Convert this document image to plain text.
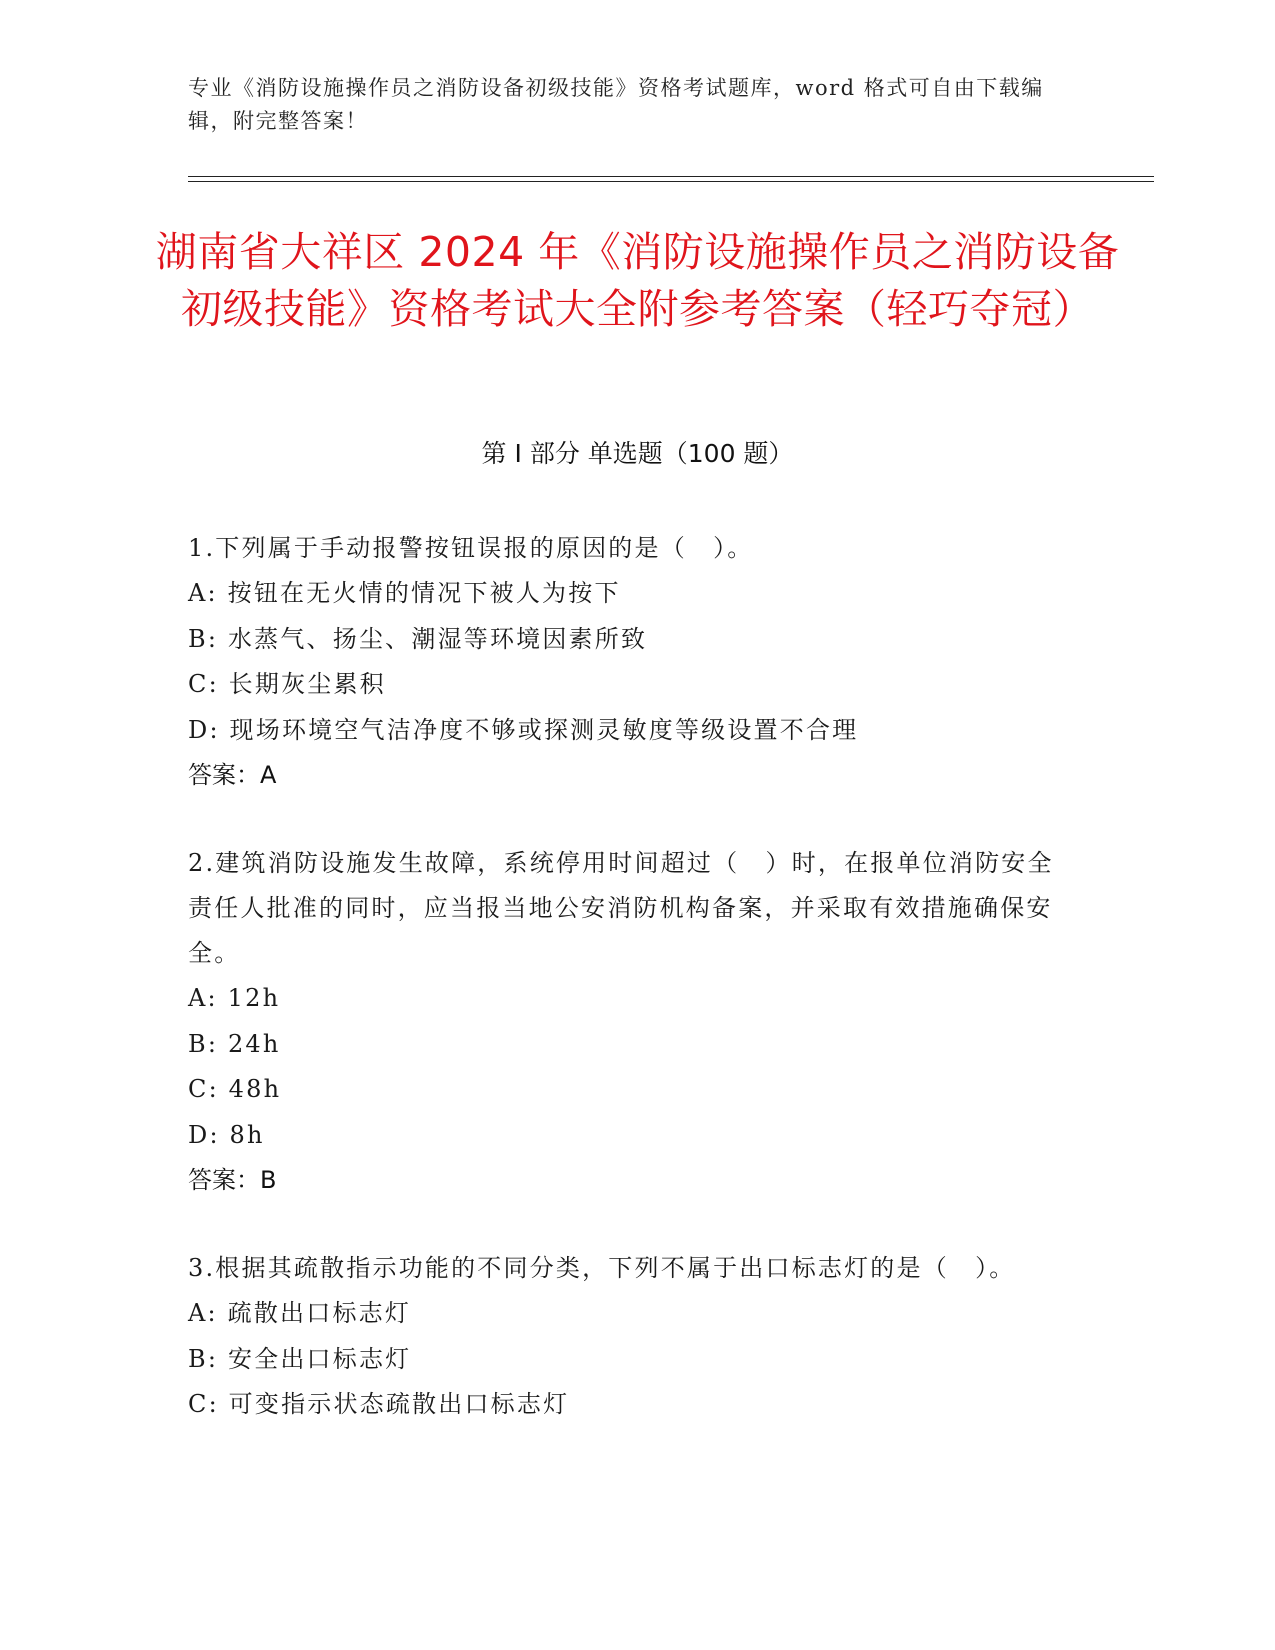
专业《消防设施操作员之消防设备初级技能》资格考试题库，word 格式可自由下载编辑，附完整答案！
湖南省大祥区 2024 年《消防设施操作员之消防设备初级技能》资格考试大全附参考答案（轻巧夺冠）
第 I 部分 单选题（100 题）

1.下列属于手动报警按钮误报的原因的是（　）。

A: 按钮在无火情的情况下被人为按下

B: 水蒸气、扬尘、潮湿等环境因素所致

C: 长期灰尘累积

D: 现场环境空气洁净度不够或探测灵敏度等级设置不合理

答案：A

2.建筑消防设施发生故障，系统停用时间超过（　）时，在报单位消防安全责任人批准的同时，应当报当地公安消防机构备案，并采取有效措施确保安全。

A: 12h

B: 24h

C: 48h

D: 8h

答案：B

3.根据其疏散指示功能的不同分类，下列不属于出口标志灯的是（　）。

A: 疏散出口标志灯

B: 安全出口标志灯

C: 可变指示状态疏散出口标志灯
